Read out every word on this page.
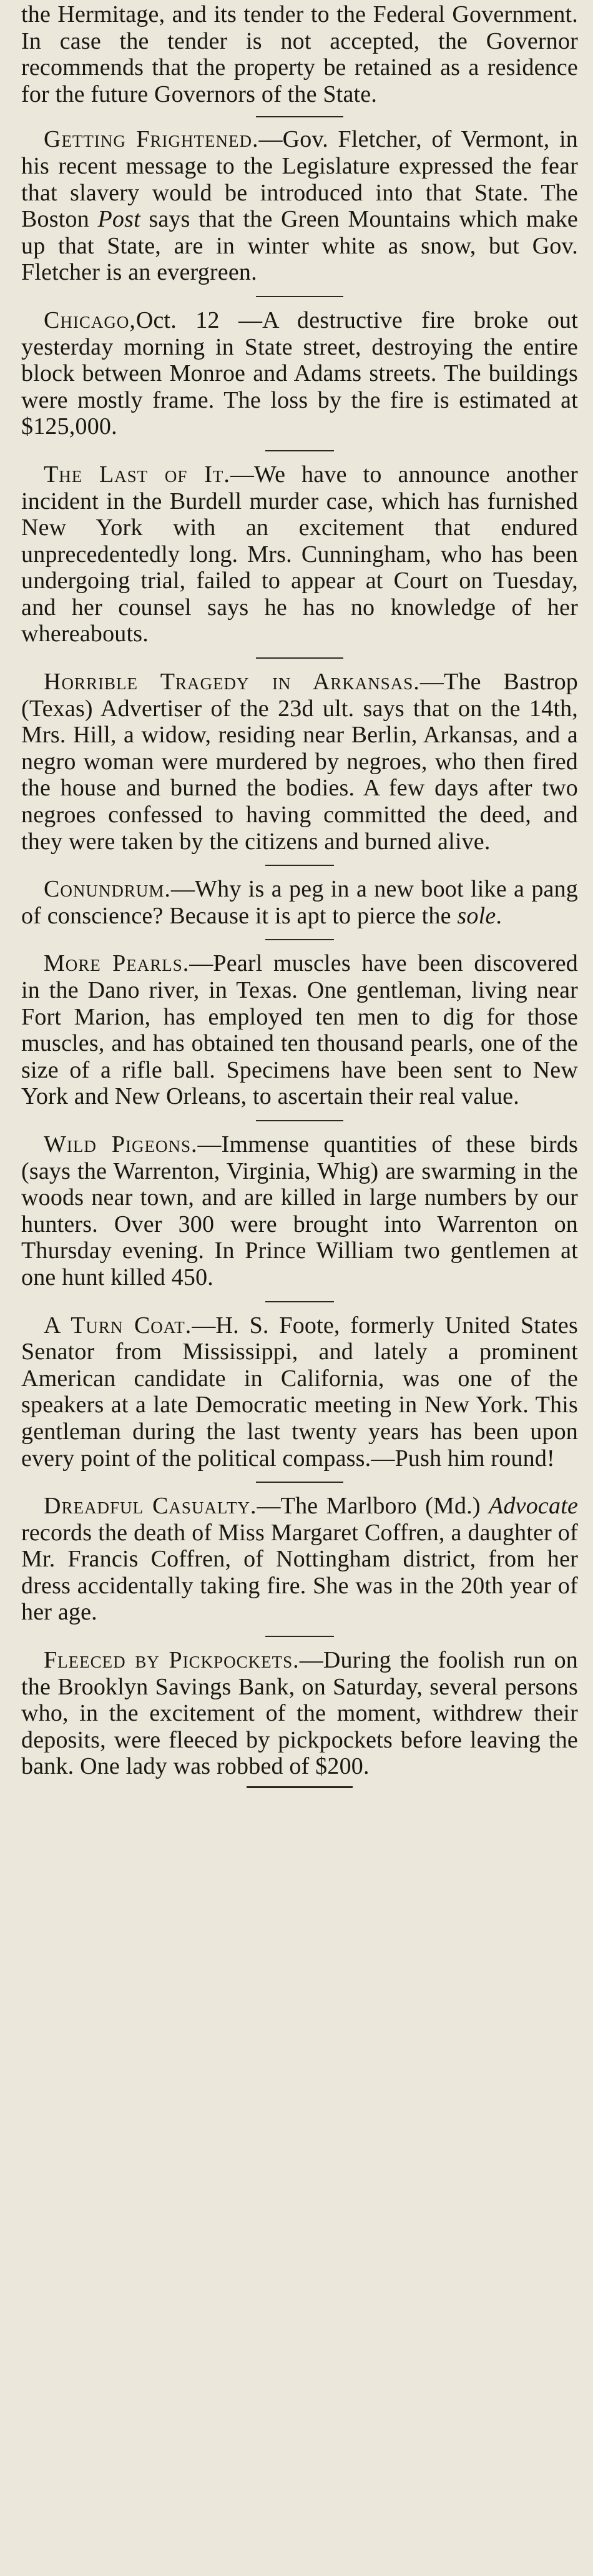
the Hermitage, and its tender to the Federal Government. In case the tender is not accepted, the Governor recommends that the property be retained as a residence for the future Governors of the State.

Getting Frightened.—Gov. Fletcher, of Vermont, in his recent message to the Legislature expressed the fear that slavery would be introduced into that State. The Boston Post says that the Green Mountains which make up that State, are in winter white as snow, but Gov. Fletcher is an evergreen.

Chicago,Oct. 12 —A destructive fire broke out yesterday morning in State street, destroying the entire block between Monroe and Adams streets. The buildings were mostly frame. The loss by the fire is estimated at $125,000.

The Last of It.—We have to announce another incident in the Burdell murder case, which has furnished New York with an excitement that endured unprecedentedly long. Mrs. Cunningham, who has been undergoing trial, failed to appear at Court on Tuesday, and her counsel says he has no knowledge of her whereabouts.

Horrible Tragedy in Arkansas.—The Bastrop (Texas) Advertiser of the 23d ult. says that on the 14th, Mrs. Hill, a widow, residing near Berlin, Arkansas, and a negro woman were murdered by negroes, who then fired the house and burned the bodies. A few days after two negroes confessed to having committed the deed, and they were taken by the citizens and burned alive.

Conundrum.—Why is a peg in a new boot like a pang of conscience? Because it is apt to pierce the sole.

More Pearls.—Pearl muscles have been discovered in the Dano river, in Texas. One gentleman, living near Fort Marion, has employed ten men to dig for those muscles, and has obtained ten thousand pearls, one of the size of a rifle ball. Specimens have been sent to New York and New Orleans, to ascertain their real value.

Wild Pigeons.—Immense quantities of these birds (says the Warrenton, Virginia, Whig) are swarming in the woods near town, and are killed in large numbers by our hunters. Over 300 were brought into Warrenton on Thursday evening. In Prince William two gentlemen at one hunt killed 450.

A Turn Coat.—H. S. Foote, formerly United States Senator from Mississippi, and lately a prominent American candidate in California, was one of the speakers at a late Democratic meeting in New York. This gentleman during the last twenty years has been upon every point of the political compass.—Push him round!

Dreadful Casualty.—The Marlboro (Md.) Advocate records the death of Miss Margaret Coffren, a daughter of Mr. Francis Coffren, of Nottingham district, from her dress accidentally taking fire. She was in the 20th year of her age.

Fleeced by Pickpockets.—During the foolish run on the Brooklyn Savings Bank, on Saturday, several persons who, in the excitement of the moment, withdrew their deposits, were fleeced by pickpockets before leaving the bank. One lady was robbed of $200.
